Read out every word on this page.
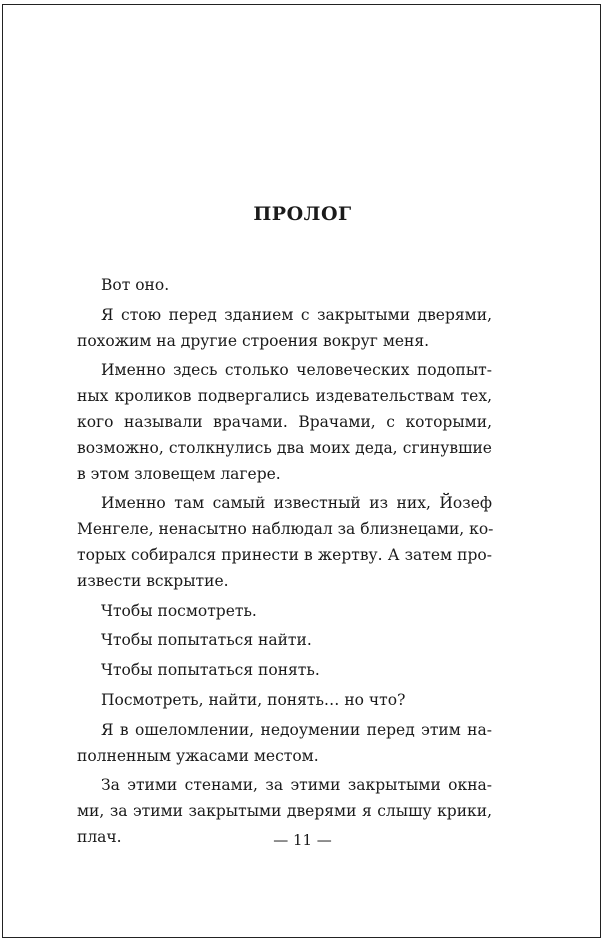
ПРОЛОГ
Вот оно.
Я стою перед зданием с закрытыми дверями,
похожим на другие строения вокруг меня.
Именно здесь столько человеческих подопыт-
ных кроликов подвергались издевательствам тех,
кого называли врачами. Врачами, с которыми,
возможно, столкнулись два моих деда, сгинувшие
в этом зловещем лагере.
Именно там самый известный из них, Йозеф
Менгеле, ненасытно наблюдал за близнецами, ко-
торых собирался принести в жертву. А затем про-
извести вскрытие.
Чтобы посмотреть.
Чтобы попытаться найти.
Чтобы попытаться понять.
Посмотреть, найти, понять… но что?
Я в ошеломлении, недоумении перед этим на-
полненным ужасами местом.
За этими стенами, за этими закрытыми окна-
ми, за этими закрытыми дверями я слышу крики,
плач.	— 11 —
